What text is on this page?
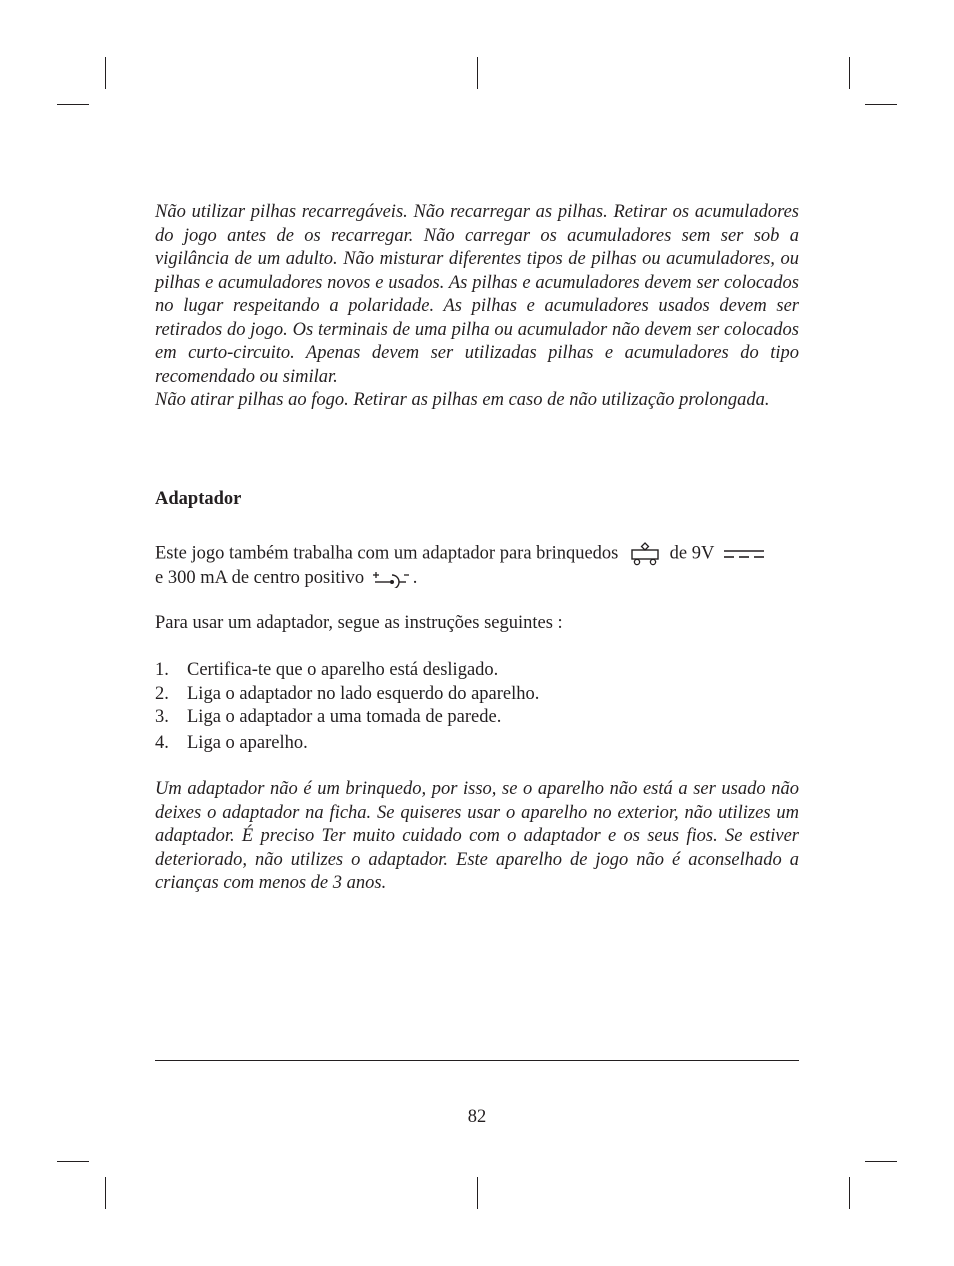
Não utilizar pilhas recarregáveis. Não recarregar as pilhas. Retirar os acumuladores do jogo antes de os recarregar. Não carregar os acumuladores sem ser sob a vigilância de um adulto. Não misturar diferentes tipos de pilhas ou acumuladores, ou pilhas e acumuladores novos e usados. As pilhas e acumuladores devem ser colocados no lugar respeitando a polaridade. As pilhas e acumuladores usados devem ser retirados do jogo. Os terminais de uma pilha ou acumulador não devem ser colocados em curto-circuito. Apenas devem ser utilizadas pilhas e acumuladores do tipo recomendado ou similar.

Não atirar pilhas ao fogo. Retirar as pilhas em caso de não utilização prolongada.

Adaptador

Este jogo também trabalha com um adaptador para brinquedos	de 9V
e 300 mA de centro positivo	.

Para usar um adaptador, segue as instruções seguintes :

1. Certifica-te que o aparelho está desligado.
2. Liga o adaptador no lado esquerdo do aparelho.
3. Liga o adaptador a uma tomada de parede.
4. Liga o aparelho.

Um adaptador não é um brinquedo, por isso, se o aparelho não está a ser usado não deixes o adaptador na ficha. Se quiseres usar o aparelho no exterior, não utilizes um adaptador. É preciso Ter muito cuidado com o adaptador e os seus fios. Se estiver deteriorado, não utilizes o adaptador. Este aparelho de jogo não é aconselhado a crianças com menos de 3 anos.

82
